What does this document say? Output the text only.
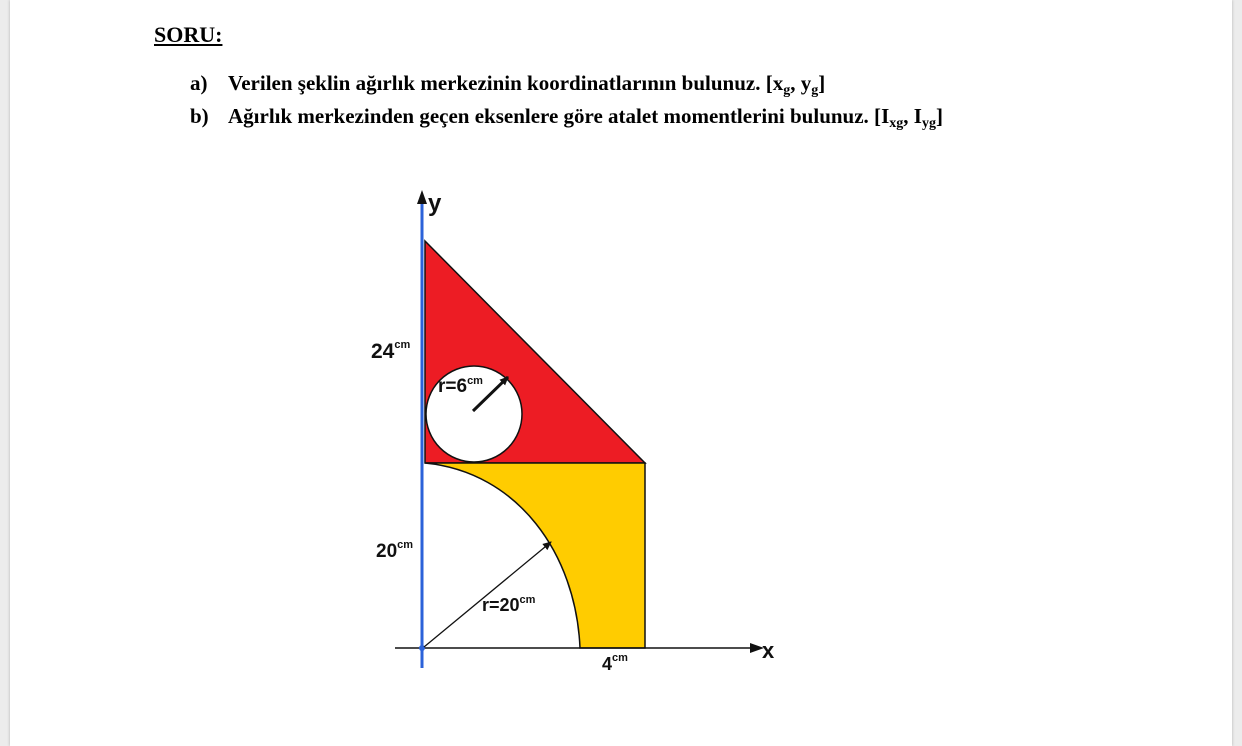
SORU:
a) Verilen şeklin ağırlık merkezinin koordinatlarının bulunuz. [$x_g$, $y_g$]
b) Ağırlık merkezinden geçen eksenlere göre atalet momentlerini bulunuz. [$I_{xg}$, $I_{yg}$]
y
x
$24^{cm}$
$20^{cm}$
$4^{cm}$
$r=6^{cm}$
$r=20^{cm}$
